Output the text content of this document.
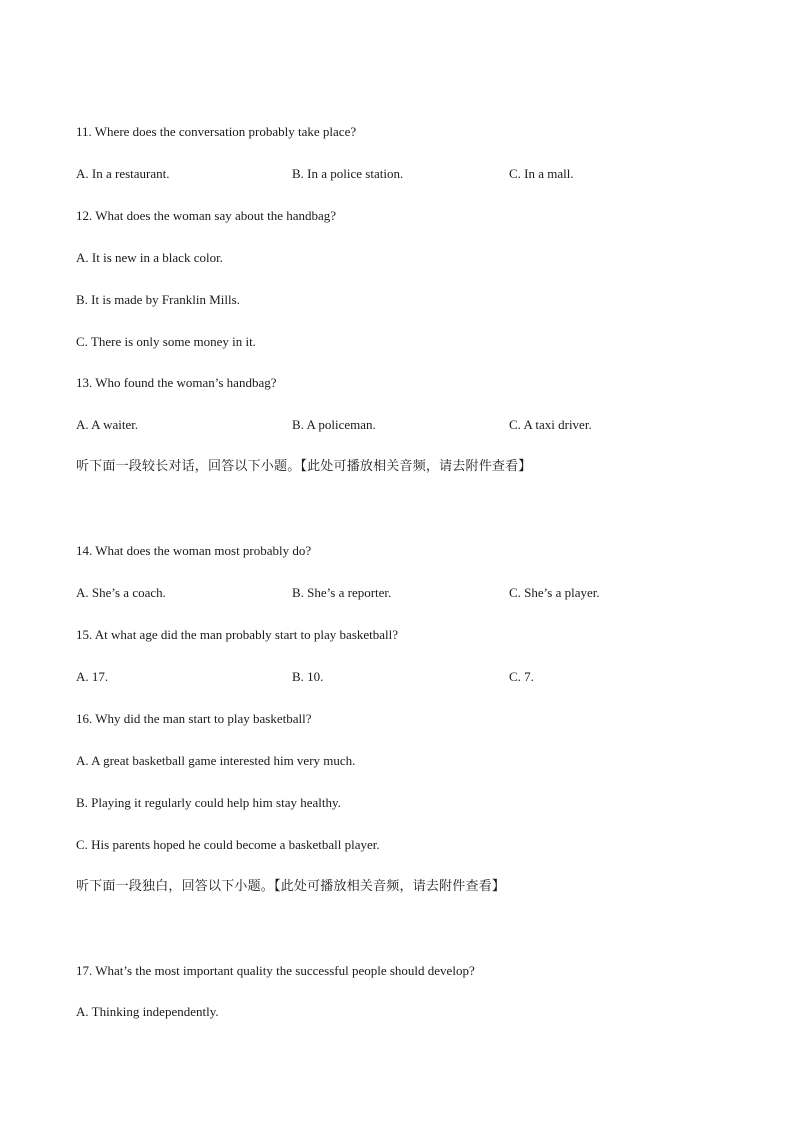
11. Where does the conversation probably take place?
A. In a restaurant.	B. In a police station.	C. In a mall.
12. What does the woman say about the handbag?
A. It is new in a black color.
B. It is made by Franklin Mills.
C. There is only some money in it.
13. Who found the woman’s handbag?
A. A waiter.	B. A policeman.	C. A taxi driver.
听下面一段较长对话，回答以下小题。【此处可播放相关音频，请去附件查看】
14. What does the woman most probably do?
A. She’s a coach.	B. She’s a reporter.	C. She’s a player.
15. At what age did the man probably start to play basketball?
A. 17.	B. 10.	C. 7.
16. Why did the man start to play basketball?
A. A great basketball game interested him very much.
B. Playing it regularly could help him stay healthy.
C. His parents hoped he could become a basketball player.
听下面一段独白，回答以下小题。【此处可播放相关音频，请去附件查看】
17. What’s the most important quality the successful people should develop?
A. Thinking independently.
